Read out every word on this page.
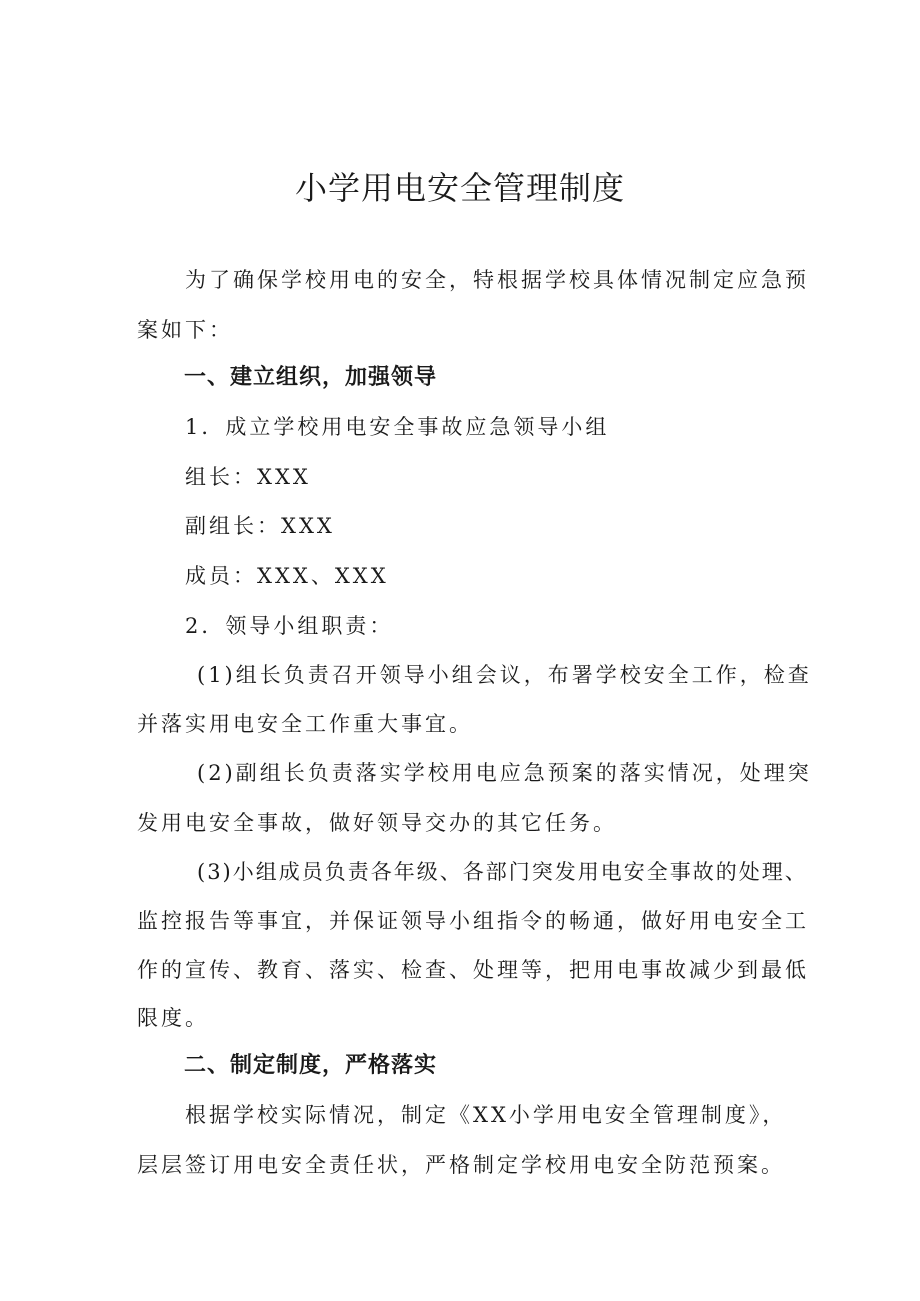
小学用电安全管理制度

为了确保学校用电的安全，特根据学校具体情况制定应急预

案如下：

一、建立组织，加强领导

1．成立学校用电安全事故应急领导小组

组长：XXX

副组长：XXX

成员：XXX、XXX

2．领导小组职责：

(1)组长负责召开领导小组会议，布署学校安全工作，检查

并落实用电安全工作重大事宜。

(2)副组长负责落实学校用电应急预案的落实情况，处理突

发用电安全事故，做好领导交办的其它任务。

(3)小组成员负责各年级、各部门突发用电安全事故的处理、

监控报告等事宜，并保证领导小组指令的畅通，做好用电安全工

作的宣传、教育、落实、检查、处理等，把用电事故减少到最低

限度。

二、制定制度，严格落实

根据学校实际情况，制定《XX小学用电安全管理制度》，

层层签订用电安全责任状，严格制定学校用电安全防范预案。
